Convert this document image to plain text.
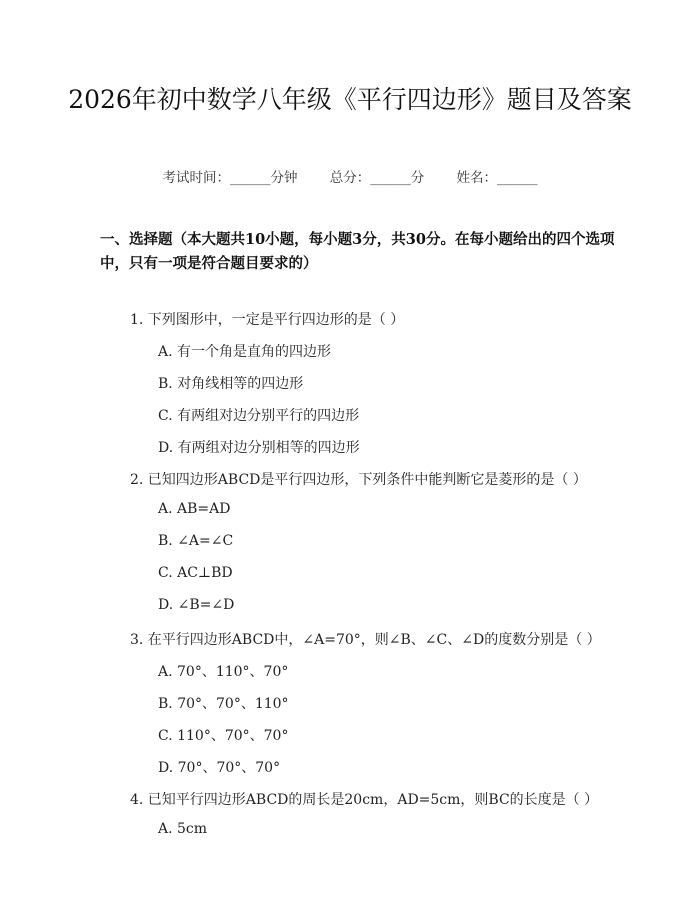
2026年初中数学八年级《平行四边形》题目及答案
考试时间：______分钟 总分：______分 姓名：______
一、选择题（本大题共10小题，每小题3分，共30分。在每小题给出的四个选项中，只有一项是符合题目要求的）
1. 下列图形中，一定是平行四边形的是（ ）
A. 有一个角是直角的四边形
B. 对角线相等的四边形
C. 有两组对边分别平行的四边形
D. 有两组对边分别相等的四边形
2. 已知四边形ABCD是平行四边形，下列条件中能判断它是菱形的是（ ）
A. AB=AD
B. ∠A=∠C
C. AC⊥BD
D. ∠B=∠D
3. 在平行四边形ABCD中，∠A=70°，则∠B、∠C、∠D的度数分别是（ ）
A. 70°、110°、70°
B. 70°、70°、110°
C. 110°、70°、70°
D. 70°、70°、70°
4. 已知平行四边形ABCD的周长是20cm，AD=5cm，则BC的长度是（ ）
A. 5cm
